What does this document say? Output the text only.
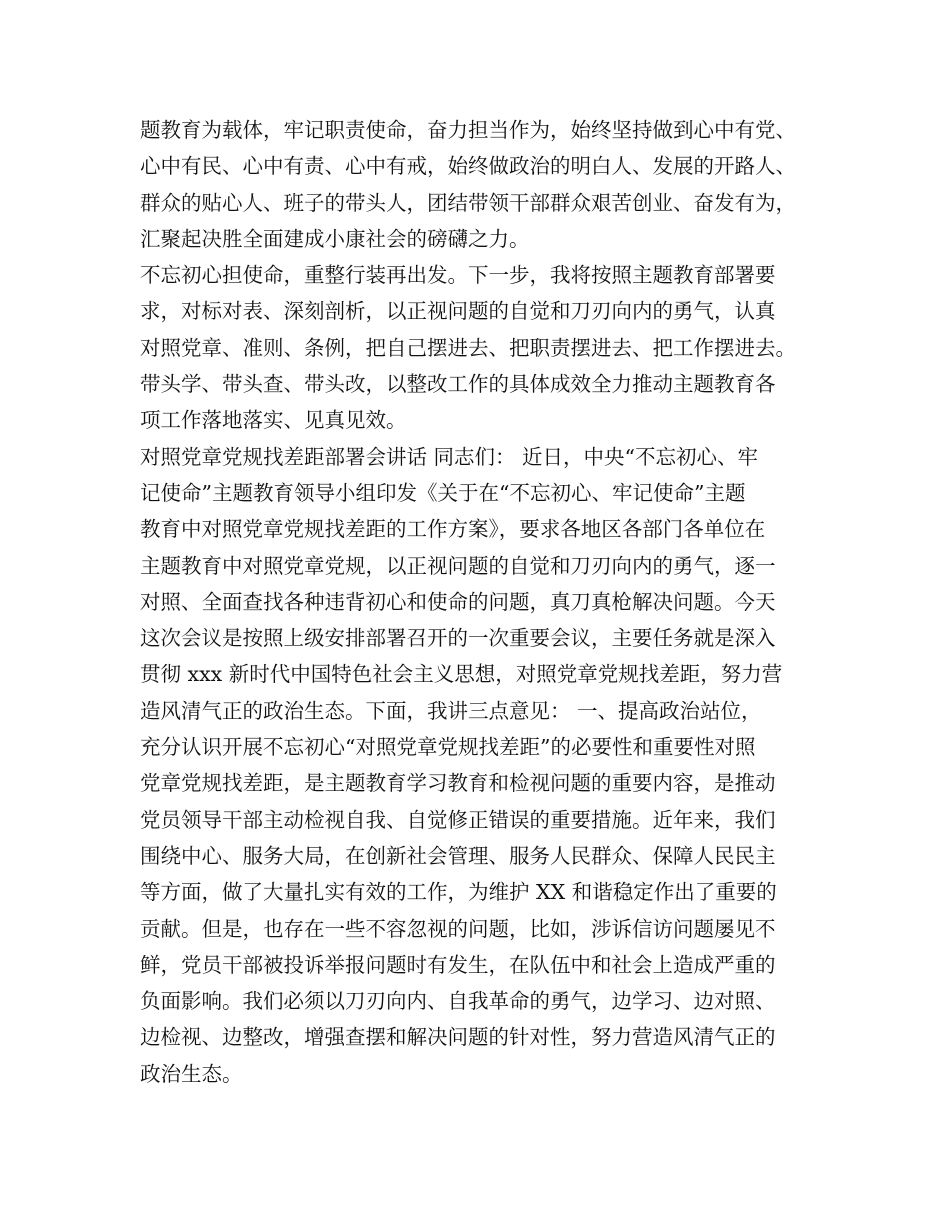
题教育为载体，牢记职责使命，奋力担当作为，始终坚持做到心中有党、
心中有民、心中有责、心中有戒，始终做政治的明白人、发展的开路人、
群众的贴心人、班子的带头人，团结带领干部群众艰苦创业、奋发有为，
汇聚起决胜全面建成小康社会的磅礴之力。
不忘初心担使命，重整行装再出发。下一步，我将按照主题教育部署要
求，对标对表、深刻剖析，以正视问题的自觉和刀刃向内的勇气，认真
对照党章、准则、条例，把自己摆进去、把职责摆进去、把工作摆进去。
带头学、带头查、带头改，以整改工作的具体成效全力推动主题教育各
项工作落地落实、见真见效。
对照党章党规找差距部署会讲话 同志们： 近日，中央“不忘初心、牢
记使命”主题教育领导小组印发《关于在“不忘初心、牢记使命”主题
教育中对照党章党规找差距的工作方案》，要求各地区各部门各单位在
主题教育中对照党章党规，以正视问题的自觉和刀刃向内的勇气，逐一
对照、全面查找各种违背初心和使命的问题，真刀真枪解决问题。今天
这次会议是按照上级安排部署召开的一次重要会议，主要任务就是深入
贯彻 xxx 新时代中国特色社会主义思想，对照党章党规找差距，努力营
造风清气正的政治生态。下面，我讲三点意见： 一、提高政治站位，
充分认识开展不忘初心“对照党章党规找差距”的必要性和重要性对照
党章党规找差距，是主题教育学习教育和检视问题的重要内容，是推动
党员领导干部主动检视自我、自觉修正错误的重要措施。近年来，我们
围绕中心、服务大局，在创新社会管理、服务人民群众、保障人民民主
等方面，做了大量扎实有效的工作，为维护 XX 和谐稳定作出了重要的
贡献。但是，也存在一些不容忽视的问题，比如，涉诉信访问题屡见不
鲜，党员干部被投诉举报问题时有发生，在队伍中和社会上造成严重的
负面影响。我们必须以刀刃向内、自我革命的勇气，边学习、边对照、
边检视、边整改，增强查摆和解决问题的针对性，努力营造风清气正的
政治生态。
